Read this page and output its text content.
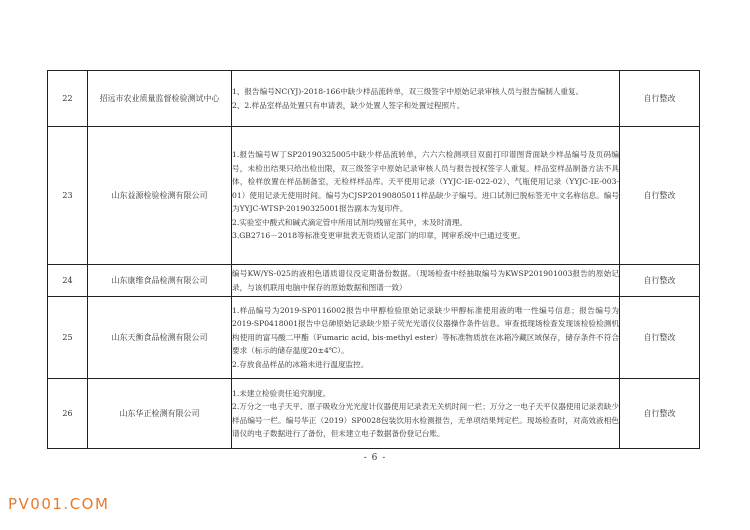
22	招远市农业质量监督检验测试中心	1、报告编号NC(YJ)-2018-166中缺少样品流转单，双三级签字中原始记录审核人员与报告编制人重复。

2、2.样品室样品处置只有申请表，缺少处置人签字和处置过程照片。	自行整改
23	山东益源检验检测有限公司	1.报告编号W丁SP20190325005中缺少样品流转单，六六六检测项目双面打印谱图背面缺少样品编号及页码编号，未检出结果只给出检出限，双三级签字中原始记录审核人员与报告授权签字人重复。样品室样品制备方法不具体，检样放置在样品制备室，无检样样品库。天平使用记录（YYJC-IE-022-02）、气瓶使用记录（YYJC-IE-003-01）使用记录无使用时间。编号为CJSP20190805011样品缺少子编号。进口试剂已脱标签无中文名称信息。编号为YYJC-WTSP-20190325001报告副本为复印件。

2.实验室中酸式和碱式滴定管中所用试剂均残留在其中，未及时清理。

3.GB2716－2018等标准变更审批表无资质认定部门的印章，网审系统中已通过变更。	自行整改
24	山东康维食品检测有限公司	编号KW/YS-025的液相色谱质谱仪没定期备份数据。（现场检查中经抽取编号为KWSP201901003报告的原始记录，与该机联用电脑中保存的原始数据和图谱一致）	自行整改
25	山东天衡食品检测有限公司	1.样品编号为2019-SP0116002报告中甲醇检验原始记录缺少甲醇标准使用液的唯一性编号信息；报告编号为2019-SP0418001报告中总砷原始记录缺少原子荧光光谱仪仪器操作条件信息。审查抵现场检查发现该检验检测机构使用的富马酸二甲酯（Fumaric acid, bis-methyl ester）等标准物质放在冰箱冷藏区域保存，储存条件不符合要求（标示的储存温度20±4℃）。

2.存放食品样品的冰箱未进行温度监控。	自行整改
26	山东华正检测有限公司	1.未建立检验责任追究制度。

2.万分之一电子天平、原子吸收分光光度计仪器使用记录表无关机时间一栏；万分之一电子天平仪器使用记录表缺少样品编号一栏。编号华正（2019）SP0028包装饮用水检测报告，无单项结果判定栏。现场检查时，对高效液相色谱仪的电子数据进行了备份，但未建立电子数据备份登记台账。	自行整改
- 6 -
PV001.COM
